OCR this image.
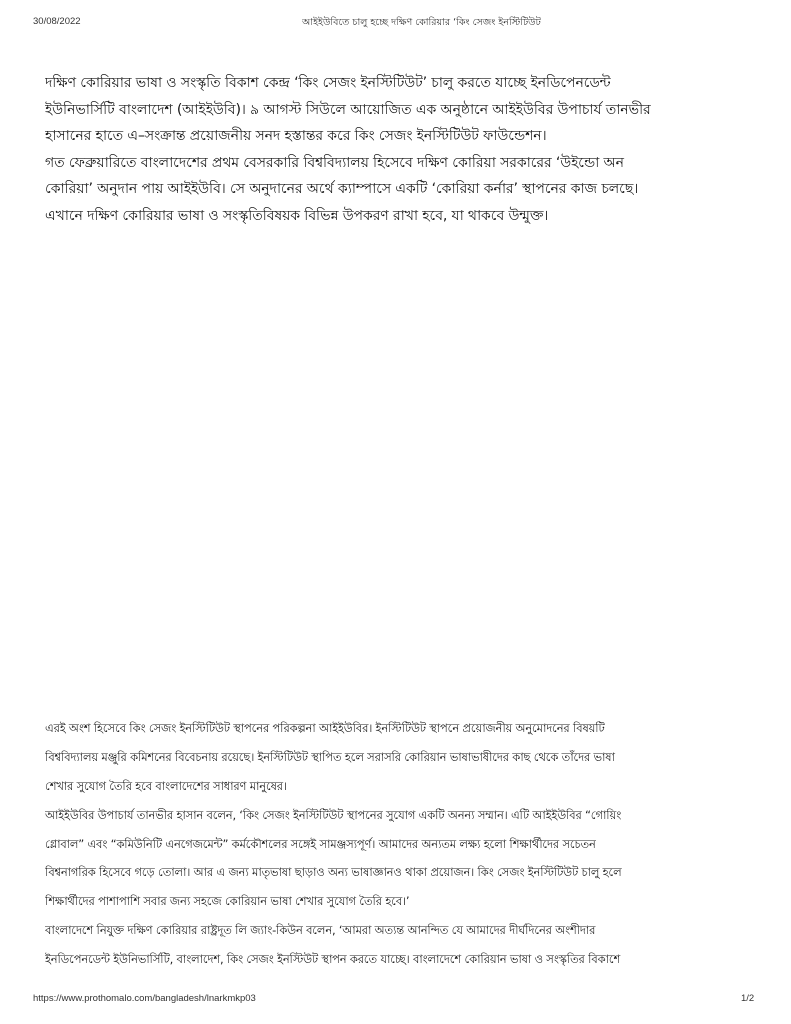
30/08/2022	আইইউবিতে চালু হচ্ছে দক্ষিণ কোরিয়ার ‘কিং সেজং ইনস্টিটিউট
দক্ষিণ কোরিয়ার ভাষা ও সংস্কৃতি বিকাশ কেন্দ্র ‘কিং সেজং ইনস্টিটিউট’ চালু করতে যাচ্ছে ইনডিপেনডেন্ট
ইউনিভার্সিটি বাংলাদেশ (আইইউবি)। ৯ আগস্ট সিউলে আয়োজিত এক অনুষ্ঠানে আইইউবির উপাচার্য তানভীর
হাসানের হাতে এ–সংক্রান্ত প্রয়োজনীয় সনদ হস্তান্তর করে কিং সেজং ইনস্টিটিউট ফাউন্ডেশন।
গত ফেব্রুয়ারিতে বাংলাদেশের প্রথম বেসরকারি বিশ্ববিদ্যালয় হিসেবে দক্ষিণ কোরিয়া সরকারের ‘উইন্ডো অন
কোরিয়া’ অনুদান পায় আইইউবি। সে অনুদানের অর্থে ক্যাম্পাসে একটি ‘কোরিয়া কর্নার’ স্থাপনের কাজ চলছে।
এখানে দক্ষিণ কোরিয়ার ভাষা ও সংস্কৃতিবিষয়ক বিভিন্ন উপকরণ রাখা হবে, যা থাকবে উন্মুক্ত।
এরই অংশ হিসেবে কিং সেজং ইনস্টিটিউট স্থাপনের পরিকল্পনা আইইউবির। ইনস্টিটিউট স্থাপনে প্রয়োজনীয় অনুমোদনের বিষয়টি
বিশ্ববিদ্যালয় মঞ্জুরি কমিশনের বিবেচনায় রয়েছে। ইনস্টিটিউট স্থাপিত হলে সরাসরি কোরিয়ান ভাষাভাষীদের কাছ থেকে তাঁদের ভাষা
শেখার সুযোগ তৈরি হবে বাংলাদেশের সাধারণ মানুষের।
আইইউবির উপাচার্য তানভীর হাসান বলেন, ‘কিং সেজং ইনস্টিটিউট স্থাপনের সুযোগ একটি অনন্য সম্মান। এটি আইইউবির “গোয়িং
গ্লোবাল” এবং “কমিউনিটি এনগেজমেন্ট” কর্মকৌশলের সঙ্গেই সামঞ্জস্যপূর্ণ। আমাদের অন্যতম লক্ষ্য হলো শিক্ষার্থীদের সচেতন
বিশ্বনাগরিক হিসেবে গড়ে তোলা। আর এ জন্য মাতৃভাষা ছাড়াও অন্য ভাষাজ্ঞানও থাকা প্রয়োজন। কিং সেজং ইনস্টিটিউট চালু হলে
শিক্ষার্থীদের পাশাপাশি সবার জন্য সহজে কোরিয়ান ভাষা শেখার সুযোগ তৈরি হবে।’
বাংলাদেশে নিযুক্ত দক্ষিণ কোরিয়ার রাষ্ট্রদূত লি জ্যাং-কিউন বলেন, ‘আমরা অত্যন্ত আনন্দিত যে আমাদের দীর্ঘদিনের অংশীদার
ইনডিপেনডেন্ট ইউনিভার্সিটি, বাংলাদেশ, কিং সেজং ইনস্টিউট স্থাপন করতে যাচ্ছে। বাংলাদেশে কোরিয়ান ভাষা ও সংস্কৃতির বিকাশে
https://www.prothomalo.com/bangladesh/lnarkmkp03	1/2
